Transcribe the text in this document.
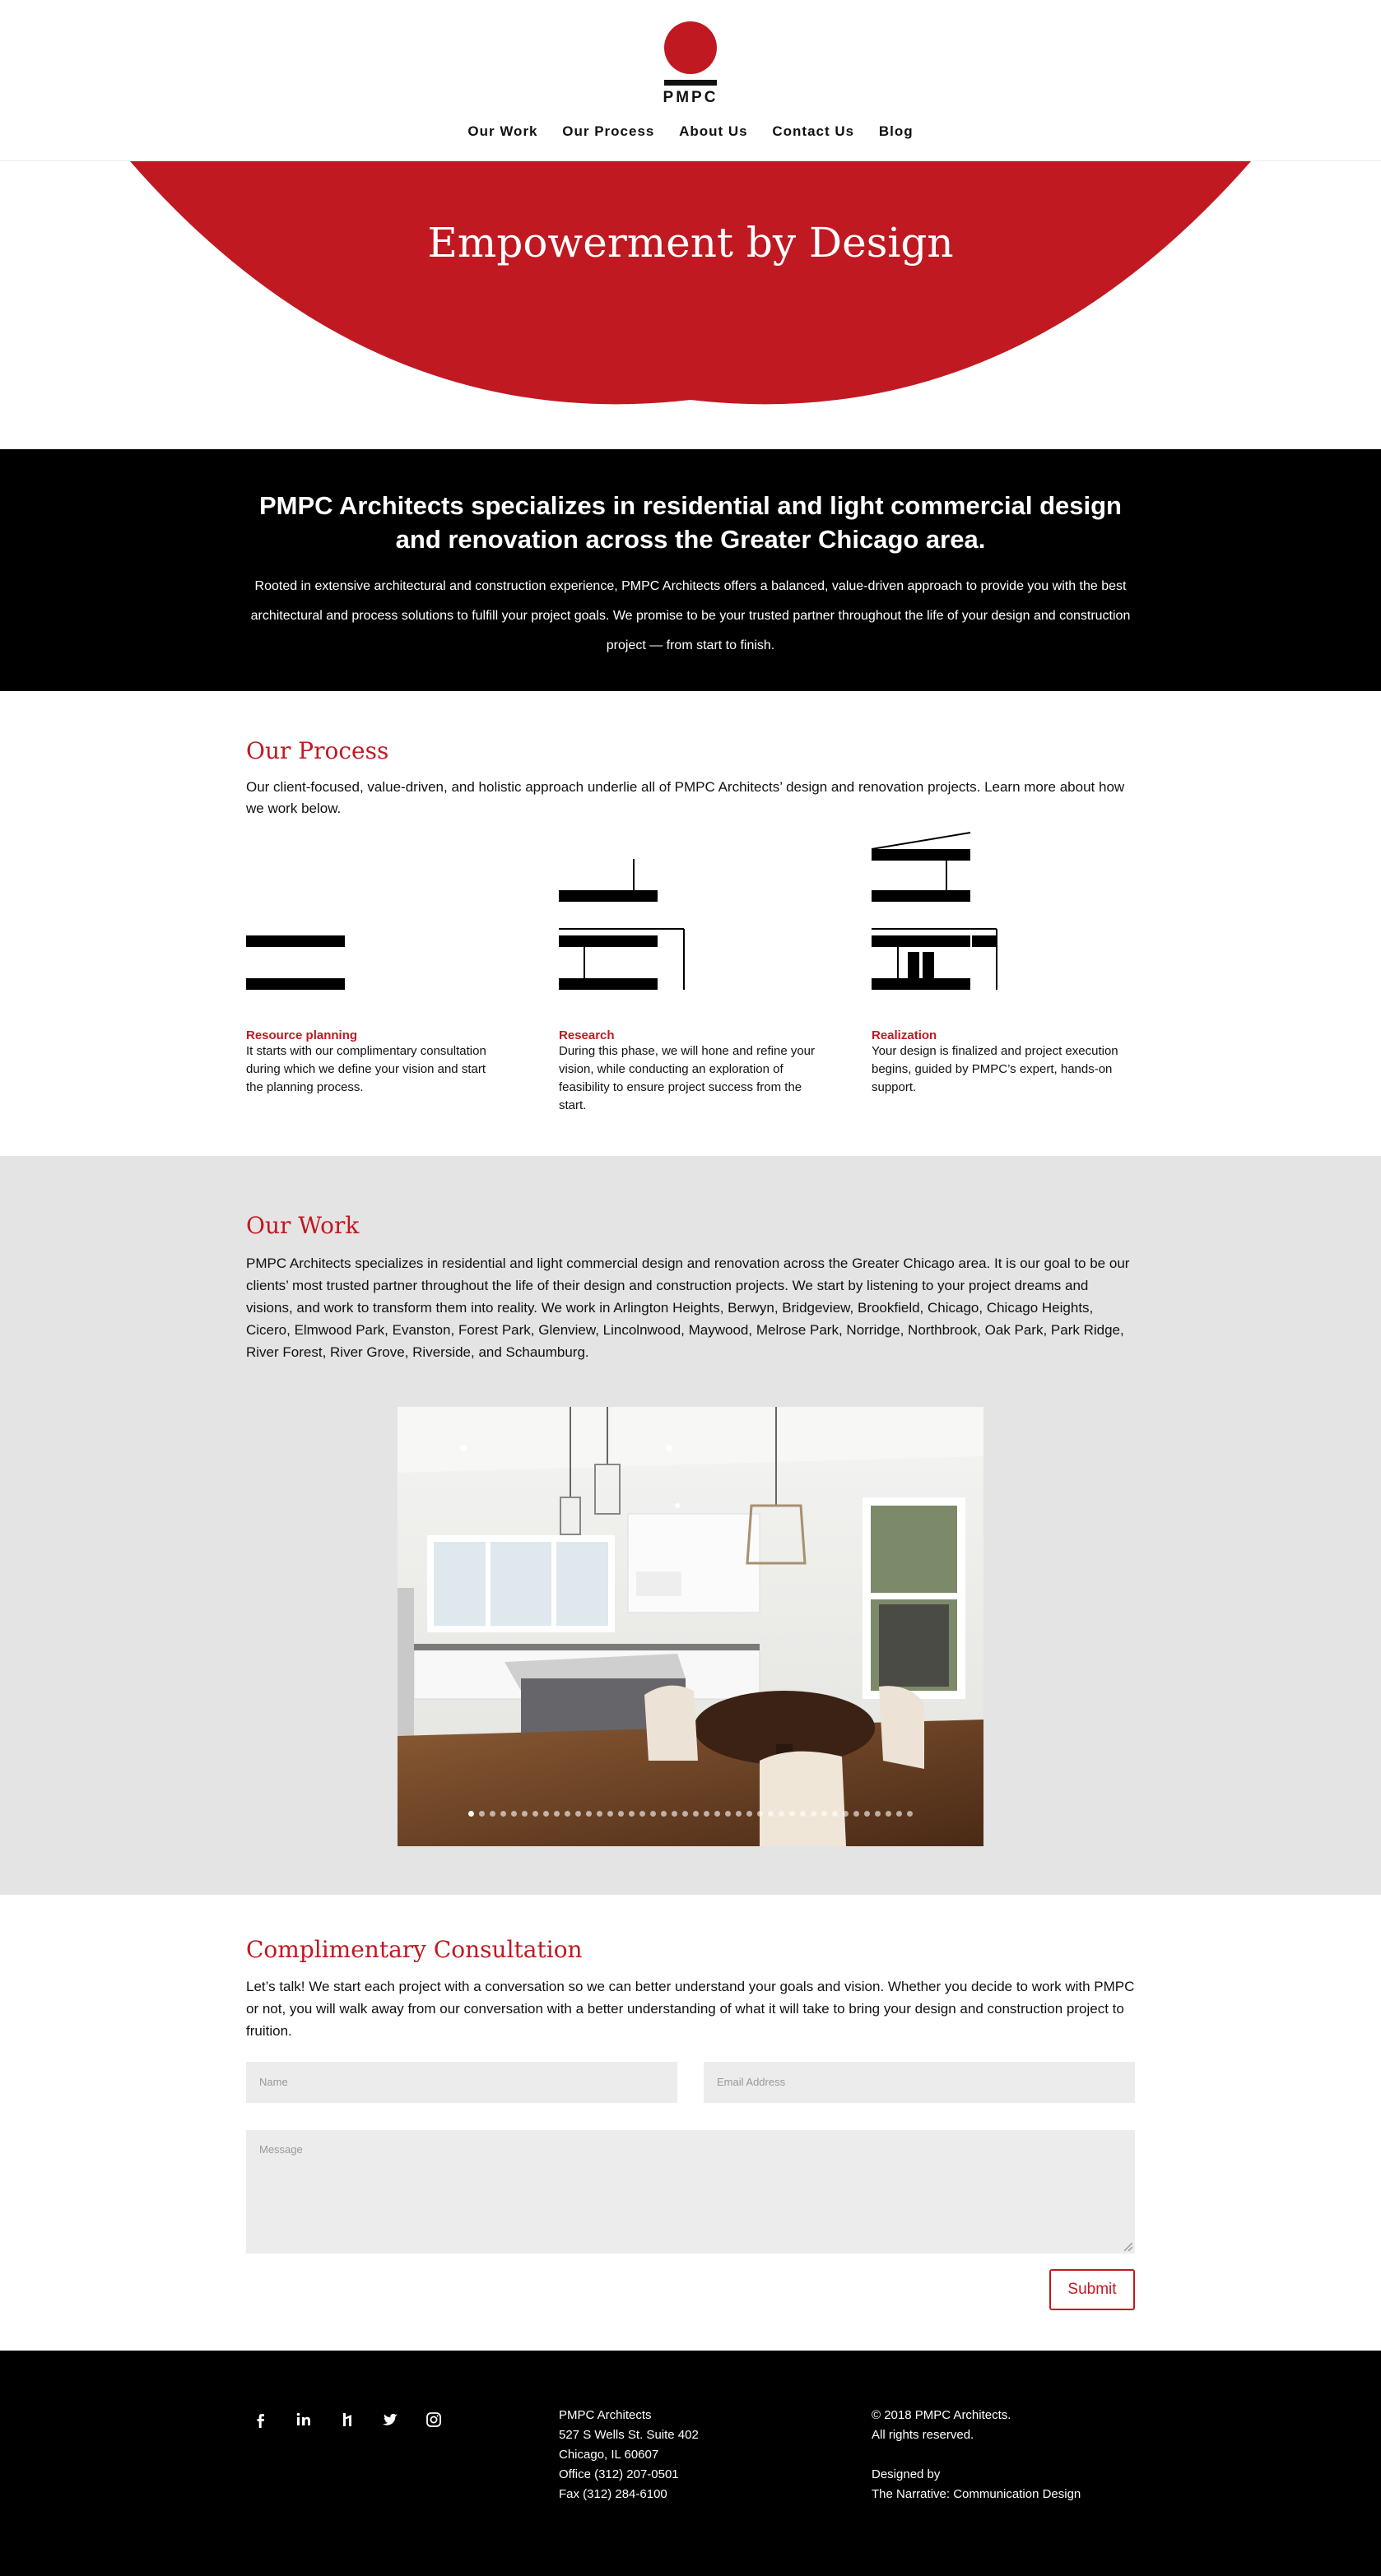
PMPC
Our Work Our Process About Us Contact Us Blog
Empowerment by Design
PMPC Architects specializes in residential and light commercial design and renovation across the Greater Chicago area.

Rooted in extensive architectural and construction experience, PMPC Architects offers a balanced, value-driven approach to provide you with the best architectural and process solutions to fulfill your project goals. We promise to be your trusted partner throughout the life of your design and construction project — from start to finish.

Our Process
Our client-focused, value-driven, and holistic approach underlie all of PMPC Architects’ design and renovation projects. Learn more about how we work below.
Resource planning

It starts with our complimentary consultation during which we define your vision and start the planning process.

Research

During this phase, we will hone and refine your vision, while conducting an exploration of feasibility to ensure project success from the start.

Realization

Your design is finalized and project execution begins, guided by PMPC’s expert, hands-on support.

Our Work
PMPC Architects specializes in residential and light commercial design and renovation across the Greater Chicago area. It is our goal to be our clients’ most trusted partner throughout the life of their design and construction projects. We start by listening to your project dreams and visions, and work to transform them into reality. We work in Arlington Heights, Berwyn, Bridgeview, Brookfield, Chicago, Chicago Heights, Cicero, Elmwood Park, Evanston, Forest Park, Glenview, Lincolnwood, Maywood, Melrose Park, Norridge, Northbrook, Oak Park, Park Ridge, River Forest, River Grove, Riverside, and Schaumburg.
Complimentary Consultation
Let’s talk! We start each project with a conversation so we can better understand your goals and vision. Whether you decide to work with PMPC or not, you will walk away from our conversation with a better understanding of what it will take to bring your design and construction project to fruition.
Name	Email Address
Message
Submit

PMPC Architects
527 S Wells St. Suite 402
Chicago, IL 60607
Office (312) 207-0501
Fax (312) 284-6100
© 2018 PMPC Architects.
All rights reserved.
Designed by
The Narrative: Communication Design
